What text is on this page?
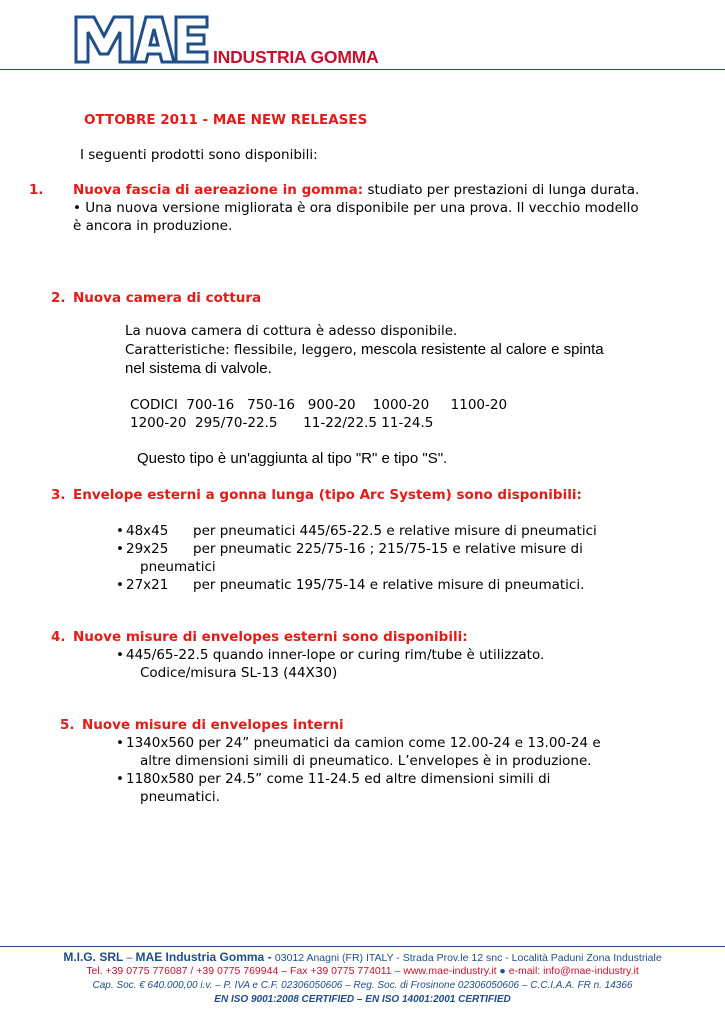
INDUSTRIA GOMMA
OTTOBRE 2011 - MAE NEW RELEASES
I seguenti prodotti sono disponibili:
1. Nuova fascia di aereazione in gomma: studiato per prestazioni di lunga durata.
• Una nuova versione migliorata è ora disponibile per una prova. Il vecchio modello è ancora in produzione.
2. Nuova camera di cottura
La nuova camera di cottura è adesso disponibile.
Caratteristiche: flessibile, leggero, mescola resistente al calore e spinta
nel sistema di valvole.
CODICI  700-16   750-16   900-20    1000-20     1100-20
1200-20  295/70-22.5      11-22/22.5 11-24.5
Questo tipo è un'aggiunta al tipo "R" e tipo "S".
3. Envelope esterni a gonna lunga (tipo Arc System) sono disponibili:
• 48x45 per pneumatici 445/65-22.5 e relative misure di pneumatici
• 29x25 per pneumatic 225/75-16 ; 215/75-15 e relative misure di
pneumatici
• 27x21 per pneumatic 195/75-14 e relative misure di pneumatici.
4. Nuove misure di envelopes esterni sono disponibili:
• 445/65-22.5 quando inner-lope or curing rim/tube è utilizzato.
Codice/misura SL-13 (44X30)
5. Nuove misure di envelopes interni
• 1340x560 per 24” pneumatici da camion come 12.00-24 e 13.00-24 e
altre dimensioni simili di pneumatico. L’envelopes è in produzione.
• 1180x580 per 24.5” come 11-24.5 ed altre dimensioni simili di
pneumatici.
M.I.G. SRL – MAE Industria Gomma - 03012 Anagni (FR) ITALY - Strada Prov.le 12 snc - Località Paduni Zona Industriale
Tel. +39 0775 776087 / +39 0775 769944 – Fax +39 0775 774011 – www.mae-industry.it ● e-mail: info@mae-industry.it
Cap. Soc. € 640.000,00 i.v. – P. IVA e C.F. 02306050606 – Reg. Soc. di Frosinone 02306050606 – C.C.I.A.A. FR n. 14366
EN ISO 9001:2008 CERTIFIED – EN ISO 14001:2001 CERTIFIED
